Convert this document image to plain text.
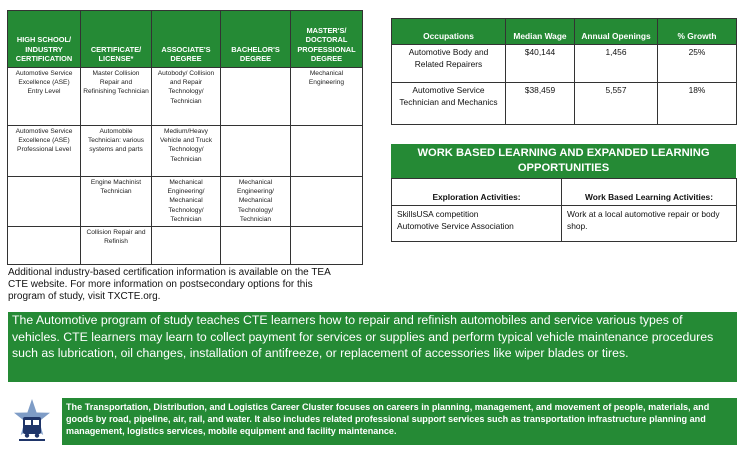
HIGH SCHOOL/ INDUSTRY CERTIFICATION	CERTIFICATE/ LICENSE*	ASSOCIATE'S DEGREE	BACHELOR'S DEGREE	MASTER'S/ DOCTORAL PROFESSIONAL DEGREE
Automotive Service Excellence (ASE) Entry Level	Master Collision Repair and Refinishing Technician	Autobody/ Collision and Repair Technology/ Technician		Mechanical Engineering
Automotive Service Excellence (ASE) Professional Level	Automobile Technician: various systems and parts	Medium/Heavy Vehicle and Truck Technology/ Technician		
	Engine Machinist Technician	Mechanical Engineering/ Mechanical Technology/ Technician	Mechanical Engineering/ Mechanical Technology/ Technician	
	Collision Repair and Refinish			

Additional industry-based certification information is available on the TEA CTE website. For more information on postsecondary options for this program of study, visit TXCTE.org.

Occupations	Median Wage	Annual Openings	% Growth
Automotive Body and Related Repairers	$40,144	1,456	25%
Automotive Service Technician and Mechanics	$38,459	5,557	18%
WORK BASED LEARNING AND EXPANDED LEARNING OPPORTUNITIES
Exploration Activities:	Work Based Learning Activities:

SkillsUSA competition
Automotive Service Association	Work at a local automotive repair or body shop.
The Automotive program of study teaches CTE learners how to repair and refinish automobiles and service various types of vehicles. CTE learners may learn to collect payment for services or supplies and perform typical vehicle maintenance procedures such as lubrication, oil changes, installation of antifreeze, or replacement of accessories like wiper blades or tires.
The Transportation, Distribution, and Logistics Career Cluster focuses on careers in planning, management, and movement of people, materials, and goods by road, pipeline, air, rail, and water. It also includes related professional support services such as transportation infrastructure planning and management, logistics services, mobile equipment and facility maintenance.
